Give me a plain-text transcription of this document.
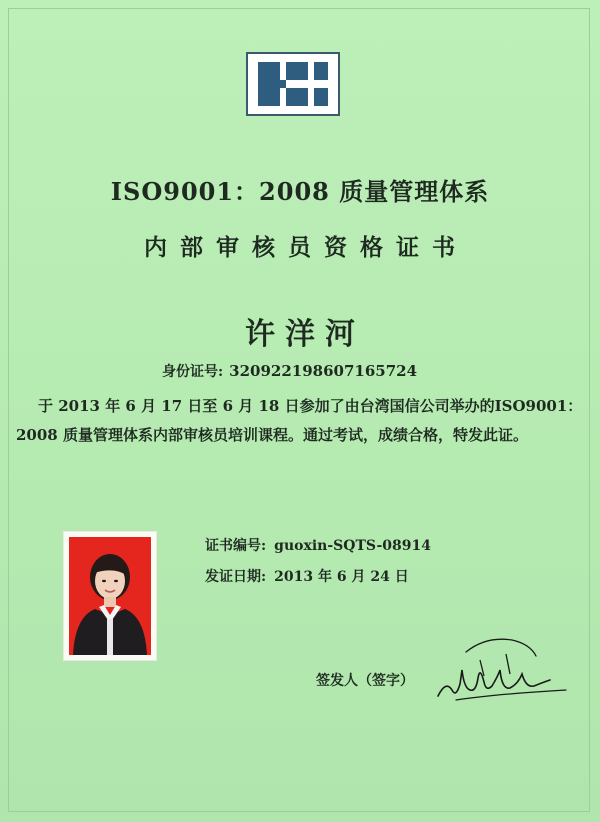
ISO9001：2008 质量管理体系
内部审核员资格证书
许洋河
身份证号: 320922198607165724

于 2013 年 6 月 17 日至 6 月 18 日参加了由台湾国信公司举办的ISO9001：2008 质量管理体系内部审核员培训课程。通过考试，成绩合格，特发此证。

证书编号: guoxin-SQTS-08914
发证日期: 2013 年 6 月 24 日
签发人（签字）
